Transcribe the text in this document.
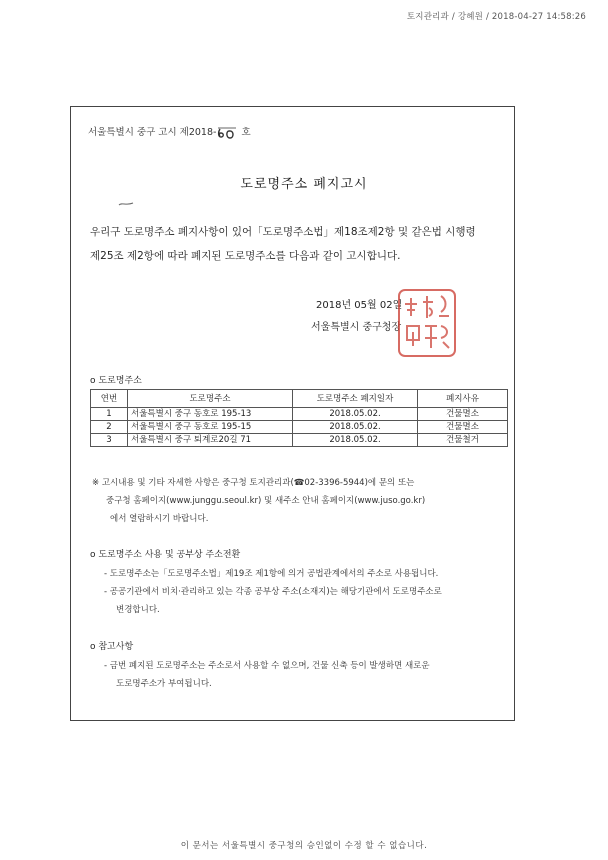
토지관리과 / 강혜원 / 2018-04-27 14:58:26
서울특별시 중구 고시 제2018-	호
도로명주소 폐지고시
우리구 도로명주소 폐지사항이 있어「도로명주소법」제18조제2항 및 같은법 시행령
제25조 제2항에 따라 폐지된 도로명주소를 다음과 같이 고시합니다.
2018년 05월 02일
서울특별시 중구청장
o 도로명주소
연번	도로명주소	도로명주소 폐지일자	폐지사유
1	서울특별시 중구 동호로 195-13	2018.05.02.	건물멸소
2	서울특별시 중구 동호로 195-15	2018.05.02.	건물멸소
3	서울특별시 중구 퇴계로20길 71	2018.05.02.	건물철거
※ 고시내용 및 기타 자세한 사항은 중구청 토지관리과(☎02-3396-5944)에 문의 또는
중구청 홈페이지(www.junggu.seoul.kr) 및 새주소 안내 홈페이지(www.juso.go.kr)
에서 열람하시기 바랍니다.
o 도로명주소 사용 및 공부상 주소전환
- 도로명주소는「도로명주소법」제19조 제1항에 의거 공법관계에서의 주소로 사용됩니다.
- 공공기관에서 비치·관리하고 있는 각종 공부상 주소(소재지)는 해당기관에서 도로명주소로
변경합니다.
o 참고사항
- 금번 폐지된 도로명주소는 주소로서 사용할 수 없으며, 건물 신축 등이 발생하면 새로운
도로명주소가 부여됩니다.
이 문서는 서울특별시 중구청의 승인없이 수정 할 수 없습니다.
